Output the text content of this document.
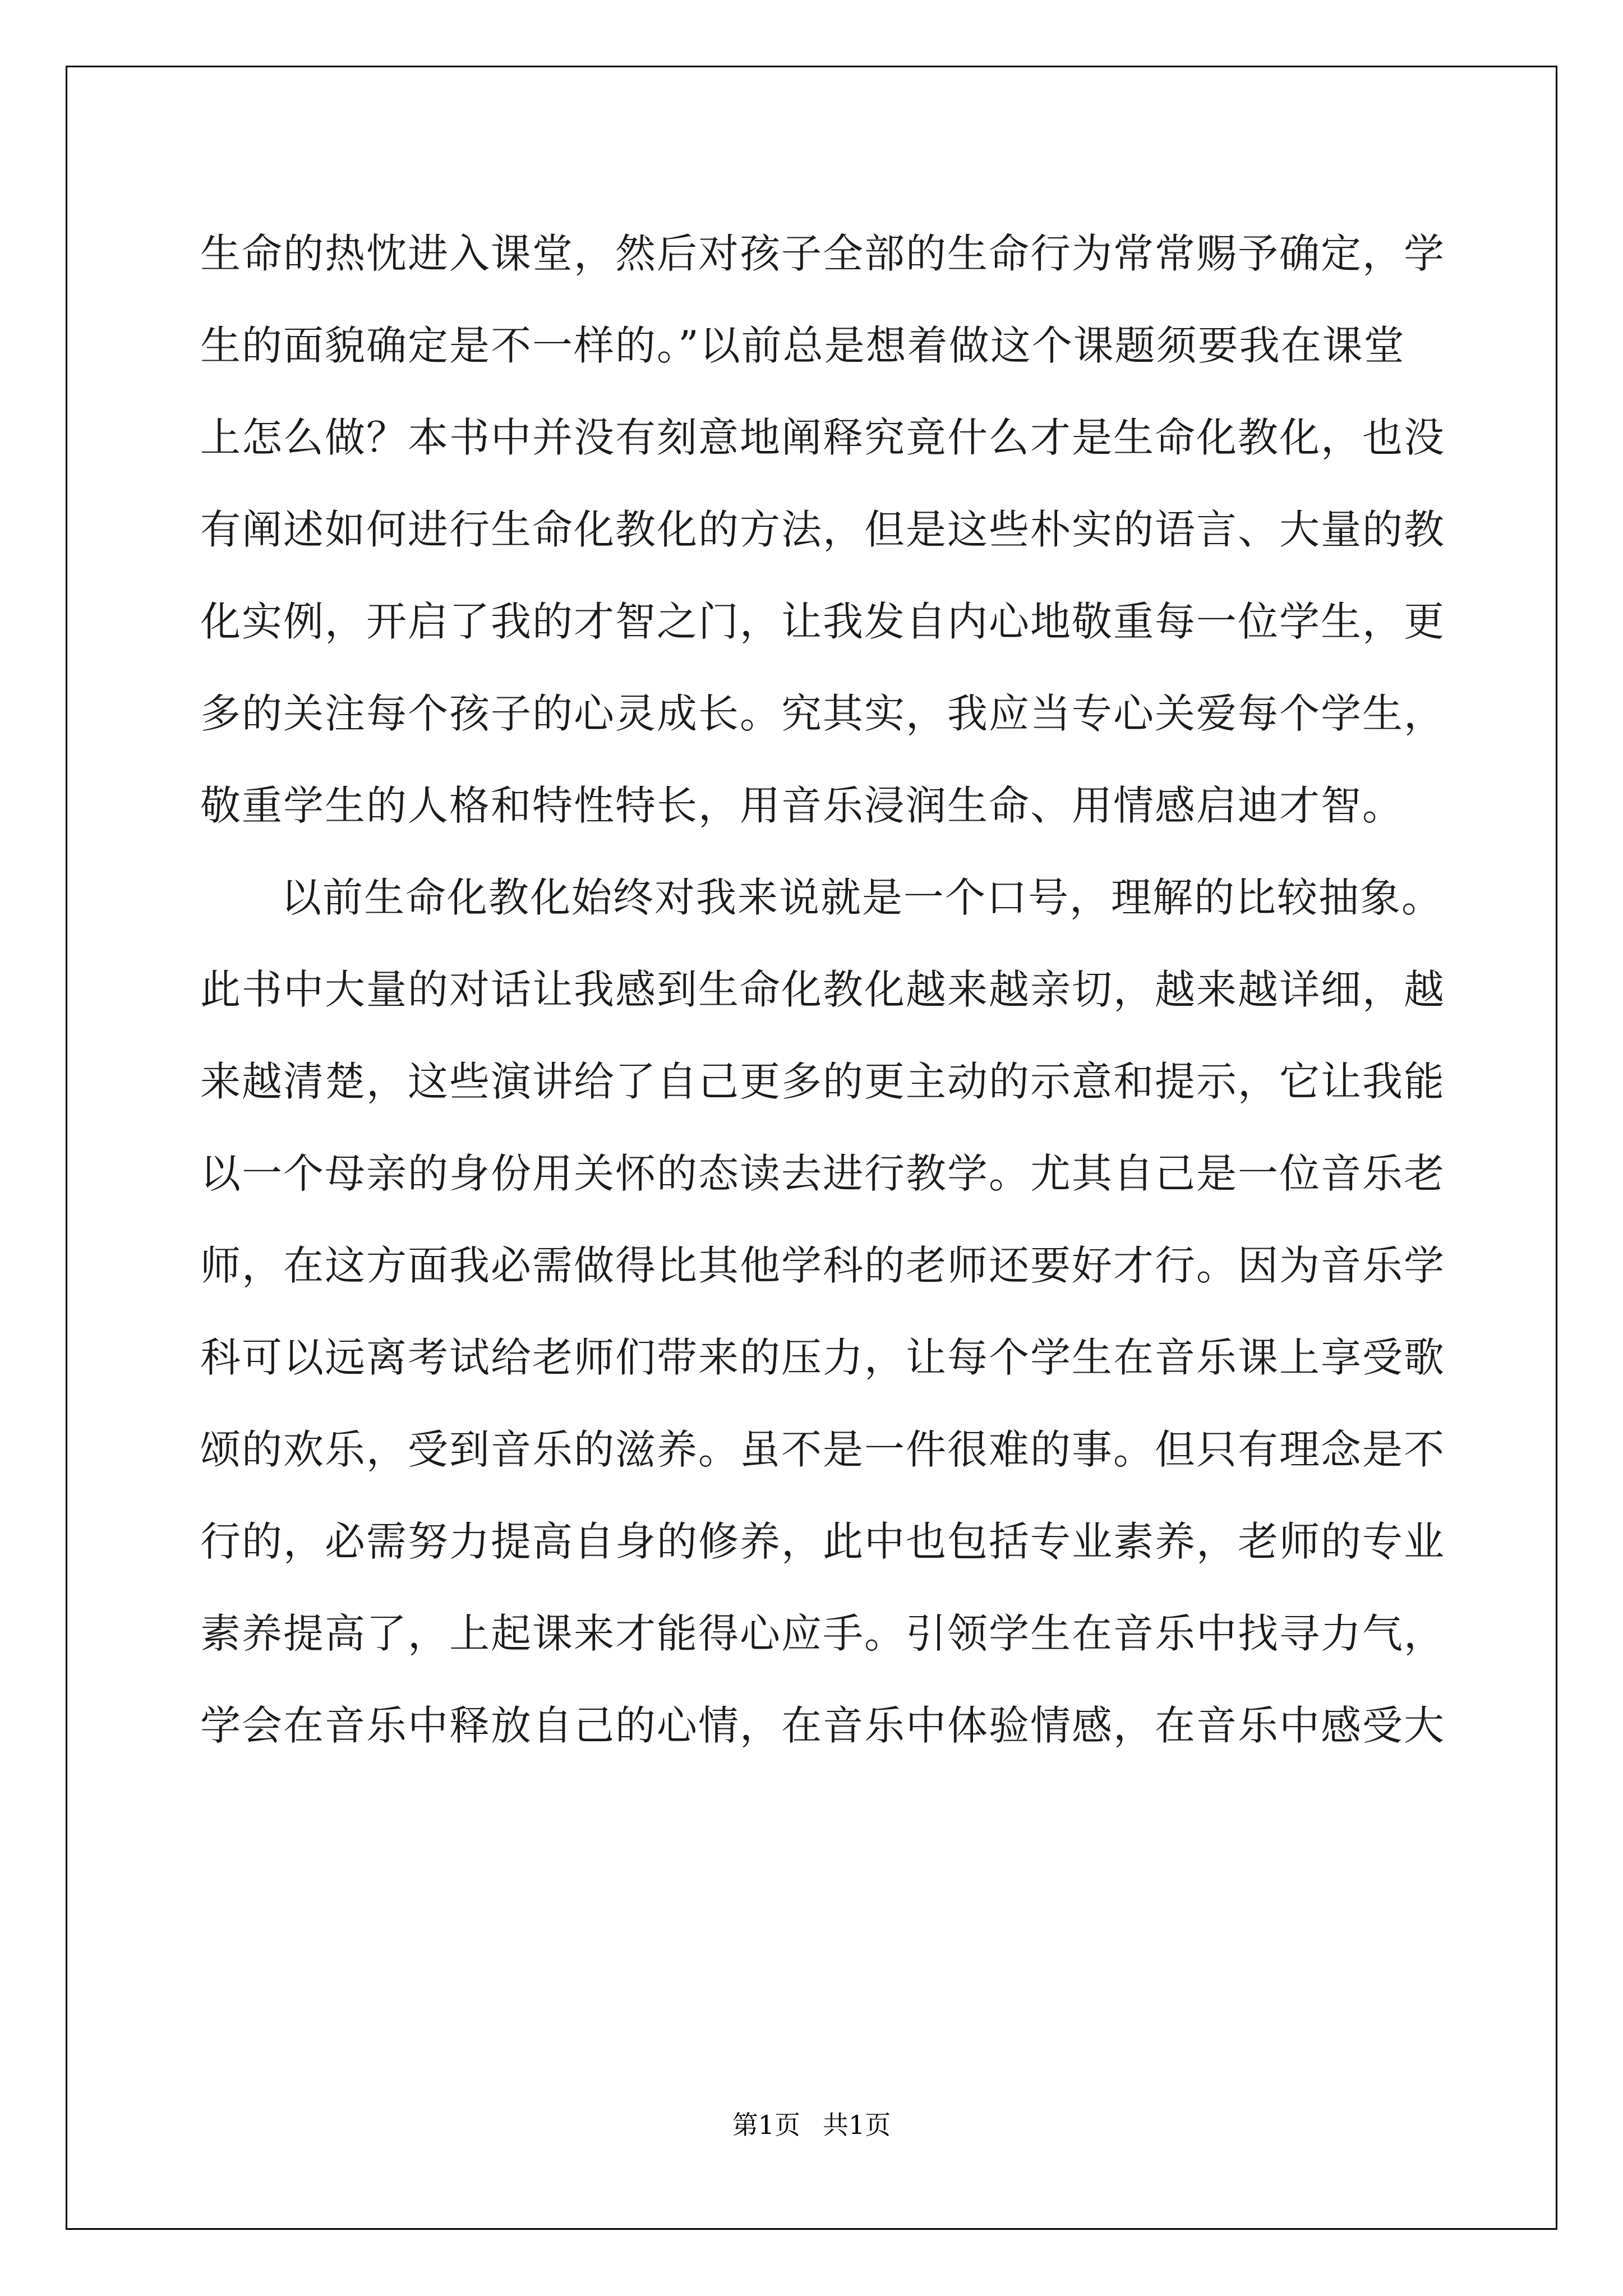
生命的热忱进入课堂，然后对孩子全部的生命行为常常赐予确定，学
生的面貌确定是不一样的。”以前总是想着做这个课题须要我在课堂
上怎么做？本书中并没有刻意地阐释究竟什么才是生命化教化，也没
有阐述如何进行生命化教化的方法，但是这些朴实的语言、大量的教
化实例，开启了我的才智之门，让我发自内心地敬重每一位学生，更
多的关注每个孩子的心灵成长。究其实，我应当专心关爱每个学生，
敬重学生的人格和特性特长，用音乐浸润生命、用情感启迪才智。
以前生命化教化始终对我来说就是一个口号，理解的比较抽象。
此书中大量的对话让我感到生命化教化越来越亲切，越来越详细，越
来越清楚，这些演讲给了自己更多的更主动的示意和提示，它让我能
以一个母亲的身份用关怀的态读去进行教学。尤其自己是一位音乐老
师，在这方面我必需做得比其他学科的老师还要好才行。因为音乐学
科可以远离考试给老师们带来的压力，让每个学生在音乐课上享受歌
颂的欢乐，受到音乐的滋养。虽不是一件很难的事。但只有理念是不
行的，必需努力提高自身的修养，此中也包括专业素养，老师的专业
素养提高了，上起课来才能得心应手。引领学生在音乐中找寻力气，
学会在音乐中释放自己的心情，在音乐中体验情感，在音乐中感受大
第1页 共1页
